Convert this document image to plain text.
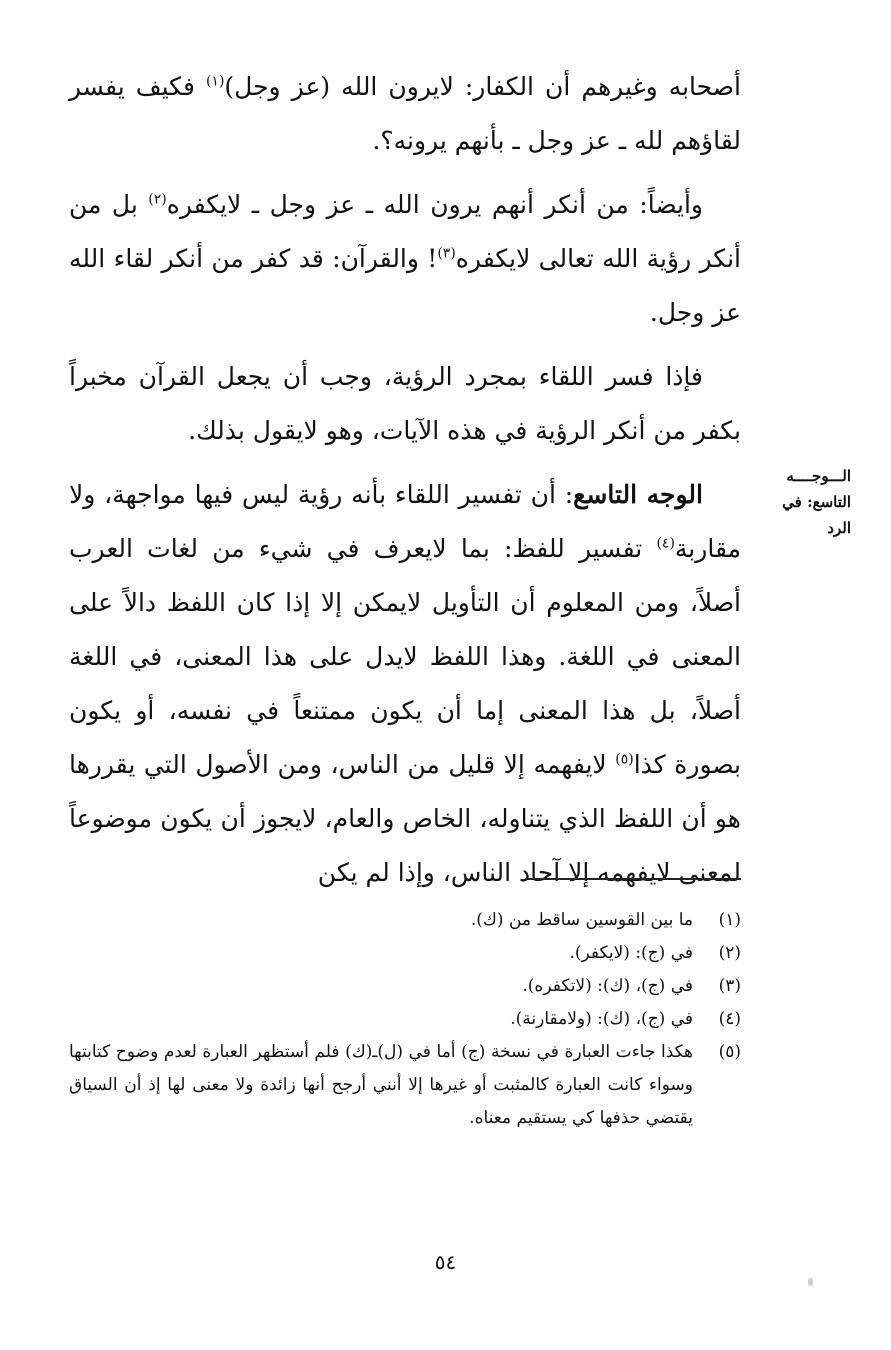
أصحابه وغيرهم أن الكفار: لايرون الله (عز وجل)$^{(١)}$ فكيف يفسر لقاؤهم لله ـ عز وجل ـ بأنهم يرونه؟.

وأيضاً: من أنكر أنهم يرون الله ـ عز وجل ـ لايكفره$^{(٢)}$ بل من أنكر رؤية الله تعالى لايكفره$^{(٣)}$! والقرآن: قد كفر من أنكر لقاء الله عز وجل.

فإذا فسر اللقاء بمجرد الرؤية، وجب أن يجعل القرآن مخبراً بكفر من أنكر الرؤية في هذه الآيات، وهو لايقول بذلك.

الوجه التاسع: أن تفسير اللقاء بأنه رؤية ليس فيها مواجهة، ولا مقاربة$^{(٤)}$ تفسير للفظ: بما لايعرف في شيء من لغات العرب أصلاً، ومن المعلوم أن التأويل لايمكن إلا إذا كان اللفظ دالاً على المعنى في اللغة. وهذا اللفظ لايدل على هذا المعنى، في اللغة أصلاً، بل هذا المعنى إما أن يكون ممتنعاً في نفسه، أو يكون بصورة كذا$^{(٥)}$ لايفهمه إلا قليل من الناس، ومن الأصول التي يقررها هو أن اللفظ الذي يتناوله، الخاص والعام، لايجوز أن يكون موضوعاً لمعنى لايفهمه إلا آحاد الناس، وإذا لم يكن

الـــوجــــه
التاسع: في
الرد
(١)
ما بين القوسين ساقط من (ك).
(٢)
في (ج): (لايكفر).
(٣)
في (ج)، (ك): (لاتكفره).
(٤)
في (ج)، (ك): (ولامقارنة).
(٥)
هكذا جاءت العبارة في نسخة (ج) أما في (ل)ـ(ك) فلم أستظهر العبارة لعدم وضوح كتابتها وسواء كانت العبارة كالمثبت أو غيرها إلا أنني أرجح أنها زائدة ولا معنى لها إذ أن السياق يقتضي حذفها كي يستقيم معناه.
٥٤
